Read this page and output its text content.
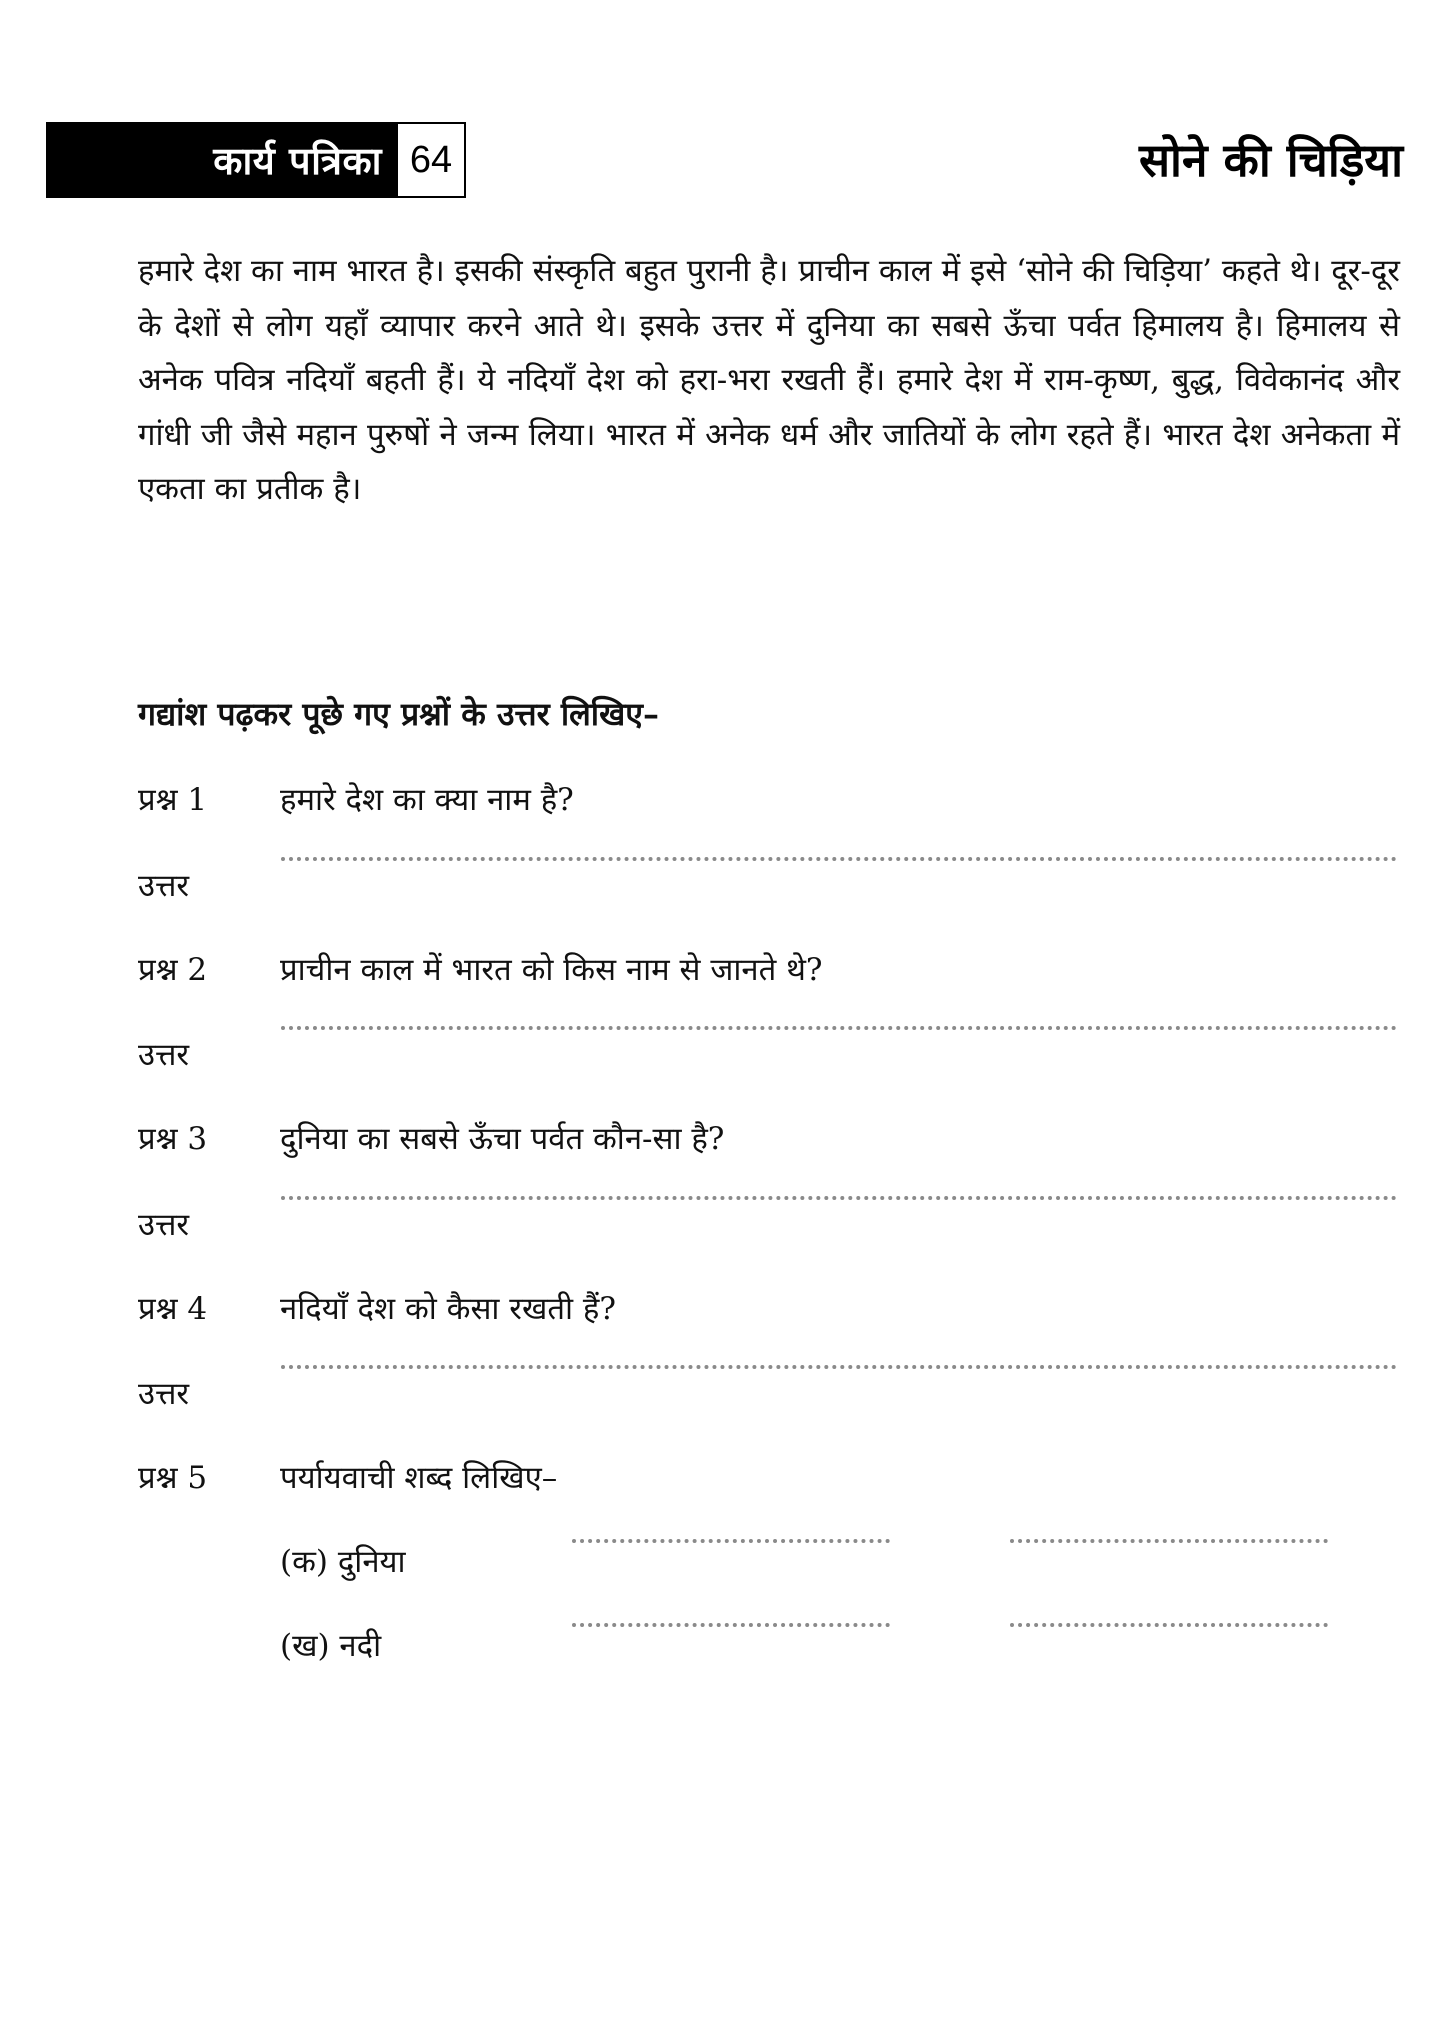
कार्य पत्रिका 64	सोने की चिड़िया
हमारे देश का नाम भारत है। इसकी संस्कृति बहुत पुरानी है। प्राचीन काल में इसे ‘सोने की चिड़िया’ कहते थे। दूर-दूर के देशों से लोग यहाँ व्यापार करने आते थे। इसके उत्तर में दुनिया का सबसे ऊँचा पर्वत हिमालय है। हिमालय से अनेक पवित्र नदियाँ बहती हैं। ये नदियाँ देश को हरा-भरा रखती हैं। हमारे देश में राम-कृष्ण, बुद्ध, विवेकानंद और गांधी जी जैसे महान पुरुषों ने जन्म लिया। भारत में अनेक धर्म और जातियों के लोग रहते हैं। भारत देश अनेकता में एकता का प्रतीक है।
गद्यांश पढ़कर पूछे गए प्रश्नों के उत्तर लिखिए–
प्रश्न 1	हमारे देश का क्या नाम है?
उत्तर
प्रश्न 2	प्राचीन काल में भारत को किस नाम से जानते थे?
उत्तर
प्रश्न 3	दुनिया का सबसे ऊँचा पर्वत कौन-सा है?
उत्तर
प्रश्न 4	नदियाँ देश को कैसा रखती हैं?
उत्तर
प्रश्न 5	पर्यायवाची शब्द लिखिए–
(क) दुनिया
(ख) नदी
